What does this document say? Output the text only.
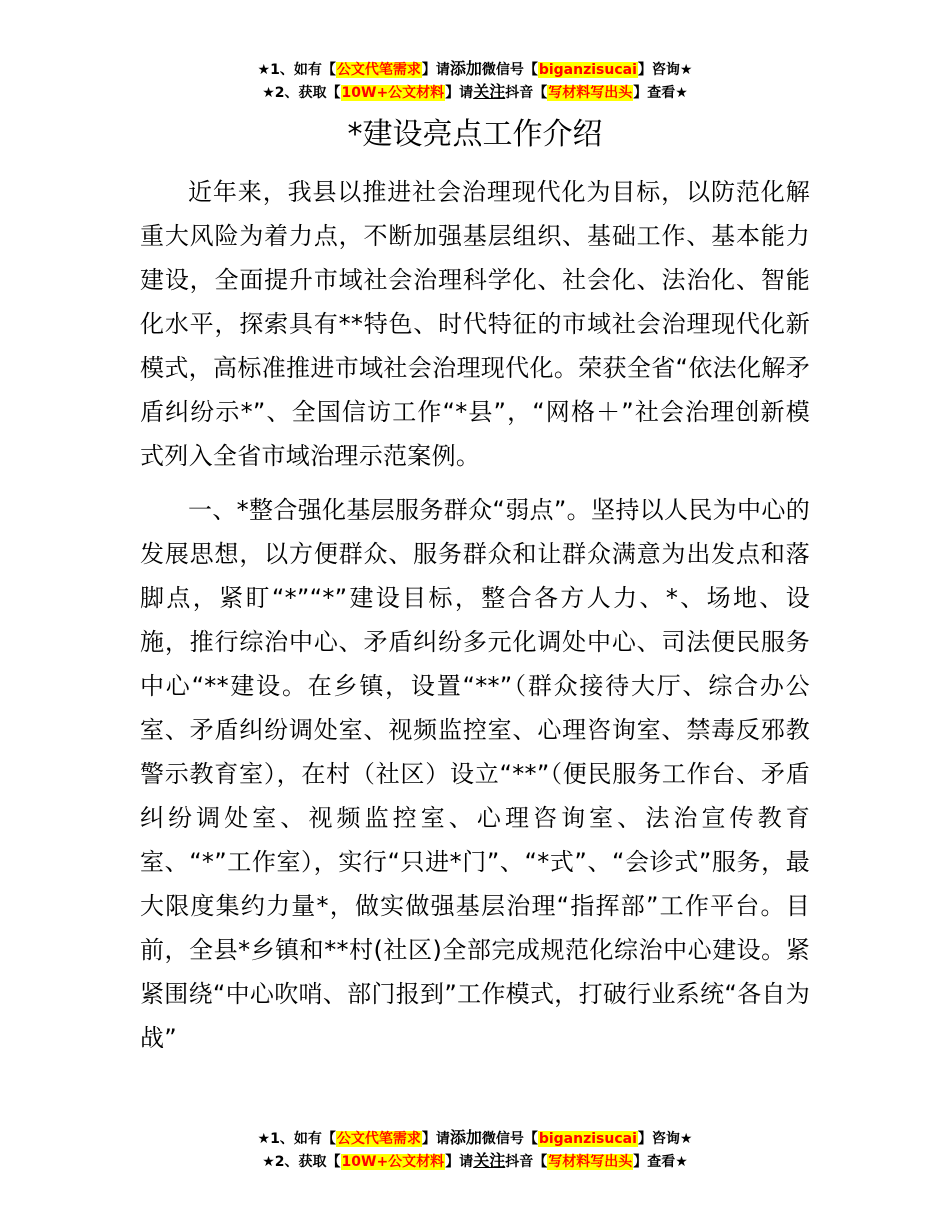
★1、如有【公文代笔需求】请添加微信号【biganzisucai】咨询★
★2、获取【10W+公文材料】请关注抖音【写材料写出头】查看★
*建设亮点工作介绍

近年来，我县以推进社会治理现代化为目标，以防范化解重大风险为着力点，不断加强基层组织、基础工作、基本能力建设，全面提升市域社会治理科学化、社会化、法治化、智能化水平，探索具有**特色、时代特征的市域社会治理现代化新模式，高标准推进市域社会治理现代化。荣获全省“依法化解矛盾纠纷示*”、全国信访工作“*县”，“网格＋”社会治理创新模式列入全省市域治理示范案例。

一、*整合强化基层服务群众“弱点”。坚持以人民为中心的发展思想，以方便群众、服务群众和让群众满意为出发点和落脚点，紧盯“*”“*”建设目标，整合各方人力、*、场地、设施，推行综治中心、矛盾纠纷多元化调处中心、司法便民服务中心“**建设。在乡镇，设置“**”（群众接待大厅、综合办公室、矛盾纠纷调处室、视频监控室、心理咨询室、禁毒反邪教警示教育室），在村（社区）设立“**”（便民服务工作台、矛盾纠纷调处室、视频监控室、心理咨询室、法治宣传教育室、“*”工作室），实行“只进*门”、“*式”、“会诊式”服务，最大限度集约力量*，做实做强基层治理“指挥部”工作平台。目前，全县*乡镇和**村(社区)全部完成规范化综治中心建设。紧紧围绕“中心吹哨、部门报到”工作模式，打破行业系统“各自为战”

★1、如有【公文代笔需求】请添加微信号【biganzisucai】咨询★
★2、获取【10W+公文材料】请关注抖音【写材料写出头】查看★
